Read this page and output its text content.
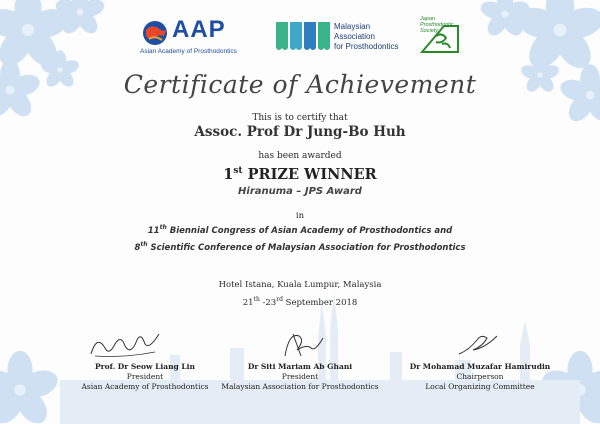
AAP
Asian Academy of Prosthodontics
Malaysian
Association
for Prosthodontics
Japan
Prosthodontic
Society
Certificate of Achievement
This is to certify that
Assoc. Prof Dr Jung-Bo Huh
has been awarded
1st PRIZE WINNER
Hiranuma – JPS Award
in
11th Biennial Congress of Asian Academy of Prosthodontics and
8th Scientific Conference of Malaysian Association for Prosthodontics
Hotel Istana, Kuala Lumpur, Malaysia
21th -23rd September 2018
Prof. Dr Seow Liang Lin
President
Asian Academy of Prosthodontics
Dr Siti Mariam Ab Ghani
President
Malaysian Association for Prosthodontics
Dr Mohamad Muzafar Hamirudin
Chairperson
Local Organizing Committee
